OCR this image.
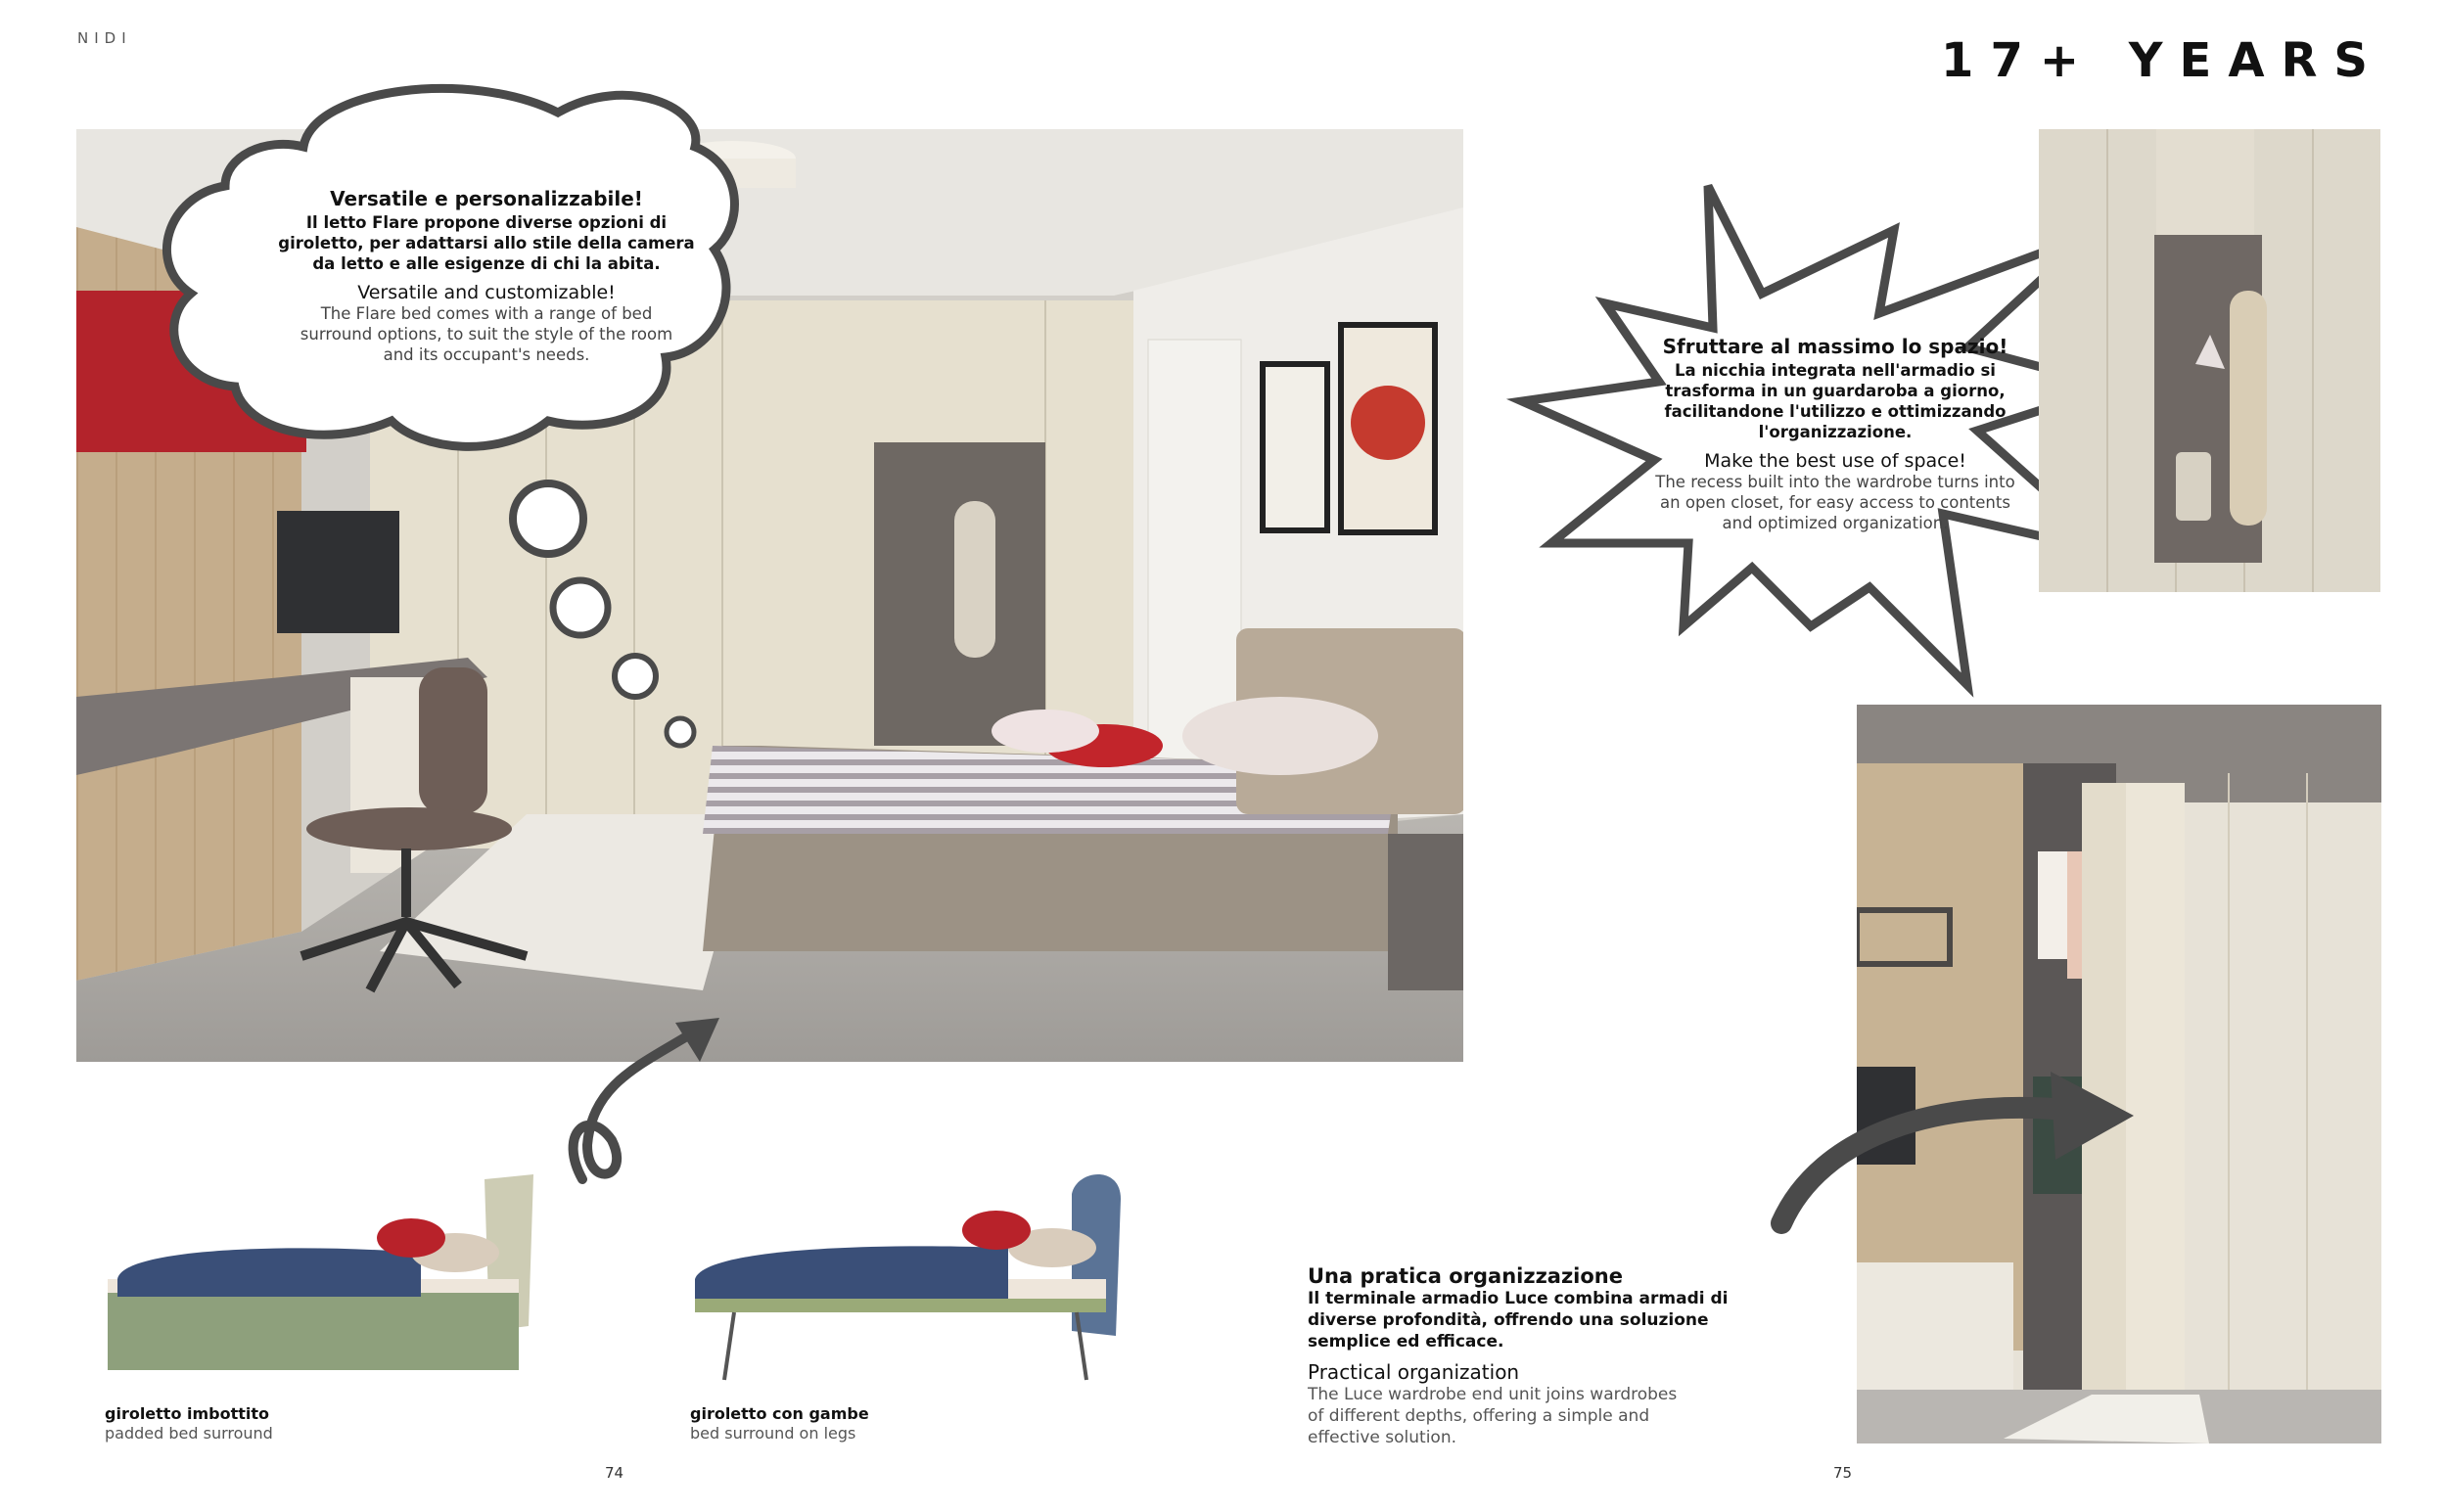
NIDI	17+ YEARS
Versatile e personalizzabile!
Il letto Flare propone diverse opzioni di
giroletto, per adattarsi allo stile della camera
da letto e alle esigenze di chi la abita.
Versatile and customizable!
The Flare bed comes with a range of bed
surround options, to suit the style of the room
and its occupant's needs.	Sfruttare al massimo lo spazio!
La nicchia integrata nell'armadio si
trasforma in un guardaroba a giorno,
facilitandone l'utilizzo e ottimizzando
l'organizzazione.
Make the best use of space!
The recess built into the wardrobe turns into
an open closet, for easy access to contents
and optimized organization.
giroletto imbottito
padded bed surround
giroletto con gambe
bed surround on legs
Una pratica organizzazione
Il terminale armadio Luce combina armadi di
diverse profondità, offrendo una soluzione
semplice ed efficace.
Practical organization
The Luce wardrobe end unit joins wardrobes
of different depths, offering a simple and
effective solution.
74	75
